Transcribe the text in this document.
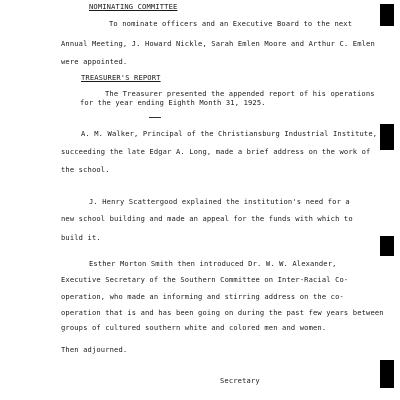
NOMINATING COMMITTEE
To nominate officers and an Executive Board to the next
Annual Meeting, J. Howard Nickle, Sarah Emlen Moore and Arthur C. Emlen
were appointed.
TREASURER'S REPORT
The Treasurer presented the appended report of his operations
for the year ending Eighth Month 31, 1925.
A. M. Walker, Principal of the Christiansburg Industrial Institute,
succeeding the late Edgar A. Long, made a brief address on the work of
the school.
J. Henry Scattergood explained the institution's need for a
new school building and made an appeal for the funds with which to
build it.
Esther Morton Smith then introduced Dr. W. W. Alexander,
Executive Secretary of the Southern Committee on Inter-Racial Co-
operation, who made an informing and stirring address on the co-
operation that is and has been going on during the past few years between
groups of cultured southern white and colored men and women.
Then adjourned.
Secretary
